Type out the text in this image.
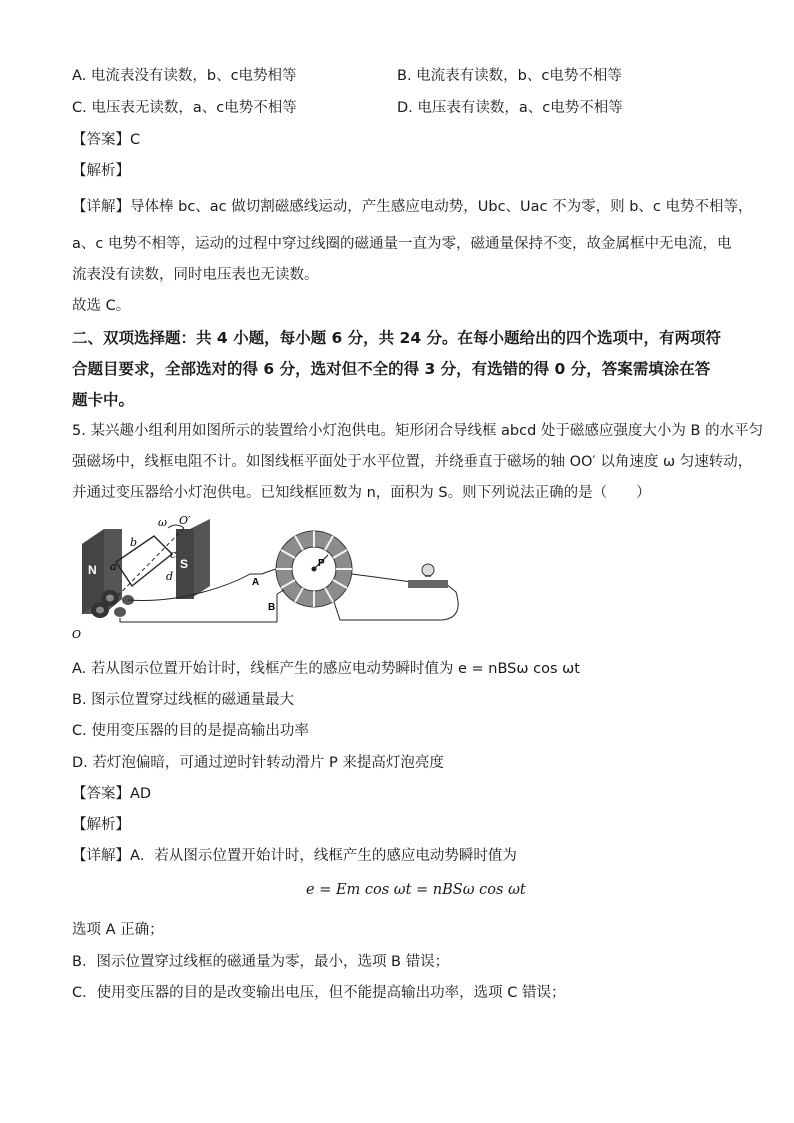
A. 电流表没有读数，b、c电势相等	B. 电流表有读数，b、c电势不相等
C. 电压表无读数，a、c电势不相等	D. 电压表有读数，a、c电势不相等
【答案】C
【解析】
【详解】导体棒 bc、ac 做切割磁感线运动，产生感应电动势，Ubc、Uac 不为零，则 b、c 电势不相等，
a、c 电势不相等，运动的过程中穿过线圈的磁通量一直为零，磁通量保持不变，故金属框中无电流，电
流表没有读数，同时电压表也无读数。
故选 C。
二、双项选择题：共 4 小题，每小题 6 分，共 24 分。在每小题给出的四个选项中，有两项符
合题目要求，全部选对的得 6 分，选对但不全的得 3 分，有选错的得 0 分，答案需填涂在答
题卡中。
5. 某兴趣小组利用如图所示的装置给小灯泡供电。矩形闭合导线框 abcd 处于磁感应强度大小为 B 的水平匀
强磁场中，线框电阻不计。如图线框平面处于水平位置，并绕垂直于磁场的轴 OO′ 以角速度 ω 匀速转动，
并通过变压器给小灯泡供电。已知线框匝数为 n，面积为 S。则下列说法正确的是（　　）
N	S
ω O′
a
b
c
d
O
A
B
P
A. 若从图示位置开始计时，线框产生的感应电动势瞬时值为 e = nBSω cos ωt
B. 图示位置穿过线框的磁通量最大
C. 使用变压器的目的是提高输出功率
D. 若灯泡偏暗，可通过逆时针转动滑片 P 来提高灯泡亮度
【答案】AD
【解析】
【详解】A．若从图示位置开始计时，线框产生的感应电动势瞬时值为
e = Em cos ωt = nBSω cos ωt
选项 A 正确；
B．图示位置穿过线框的磁通量为零，最小，选项 B 错误；
C．使用变压器的目的是改变输出电压，但不能提高输出功率，选项 C 错误；
